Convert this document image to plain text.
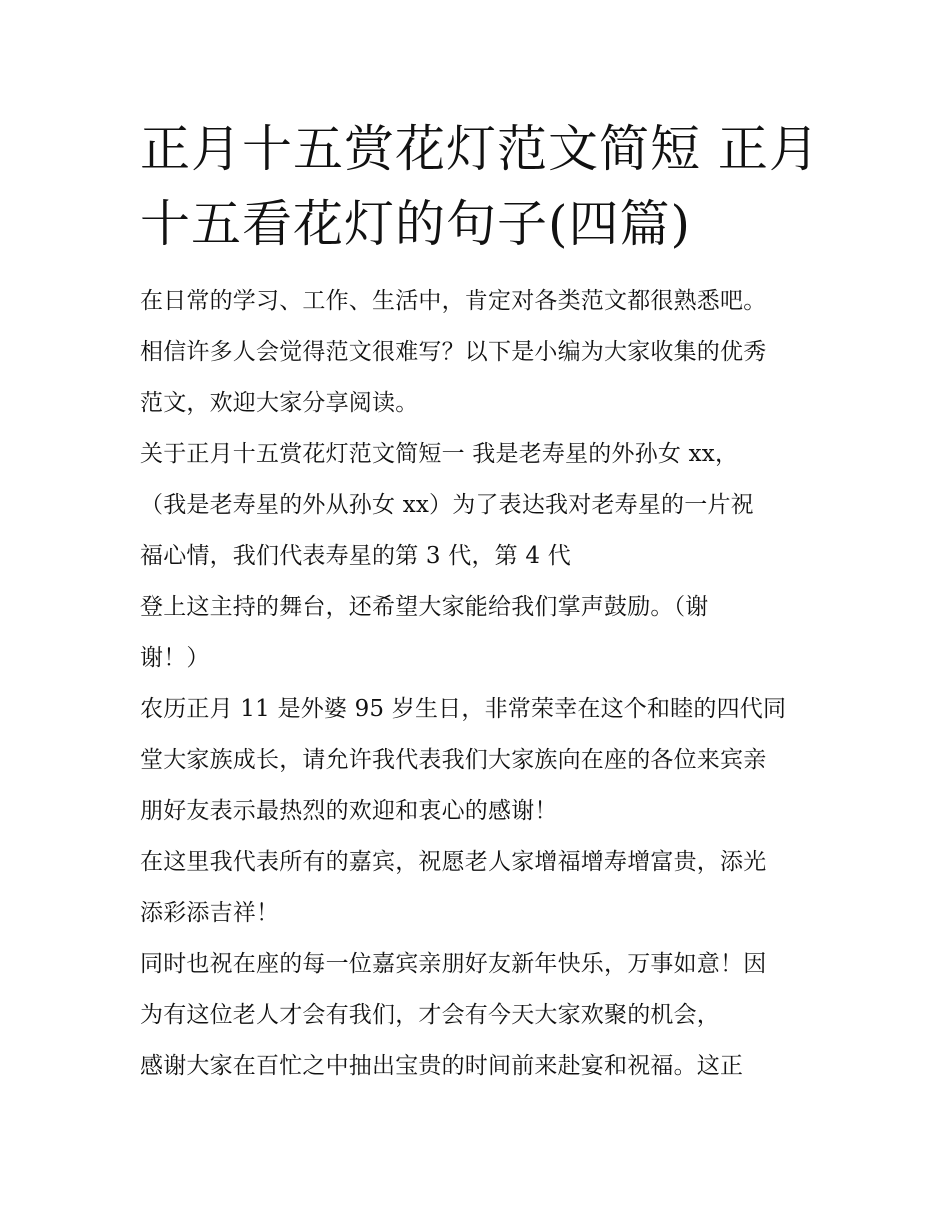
正月十五赏花灯范文简短 正月十五看花灯的句子(四篇)
在日常的学习、工作、生活中，肯定对各类范文都很熟悉吧。
相信许多人会觉得范文很难写？以下是小编为大家收集的优秀
范文，欢迎大家分享阅读。
关于正月十五赏花灯范文简短一 我是老寿星的外孙女 xx，
（我是老寿星的外从孙女 xx）为了表达我对老寿星的一片祝
福心情，我们代表寿星的第 3 代，第 4 代
登上这主持的舞台，还希望大家能给我们掌声鼓励。（谢
谢！）
农历正月 11 是外婆 95 岁生日，非常荣幸在这个和睦的四代同
堂大家族成长，请允许我代表我们大家族向在座的各位来宾亲
朋好友表示最热烈的欢迎和衷心的感谢！
在这里我代表所有的嘉宾，祝愿老人家增福增寿增富贵，添光
添彩添吉祥！
同时也祝在座的每一位嘉宾亲朋好友新年快乐，万事如意！因
为有这位老人才会有我们，才会有今天大家欢聚的机会，
感谢大家在百忙之中抽出宝贵的时间前来赴宴和祝福。这正
